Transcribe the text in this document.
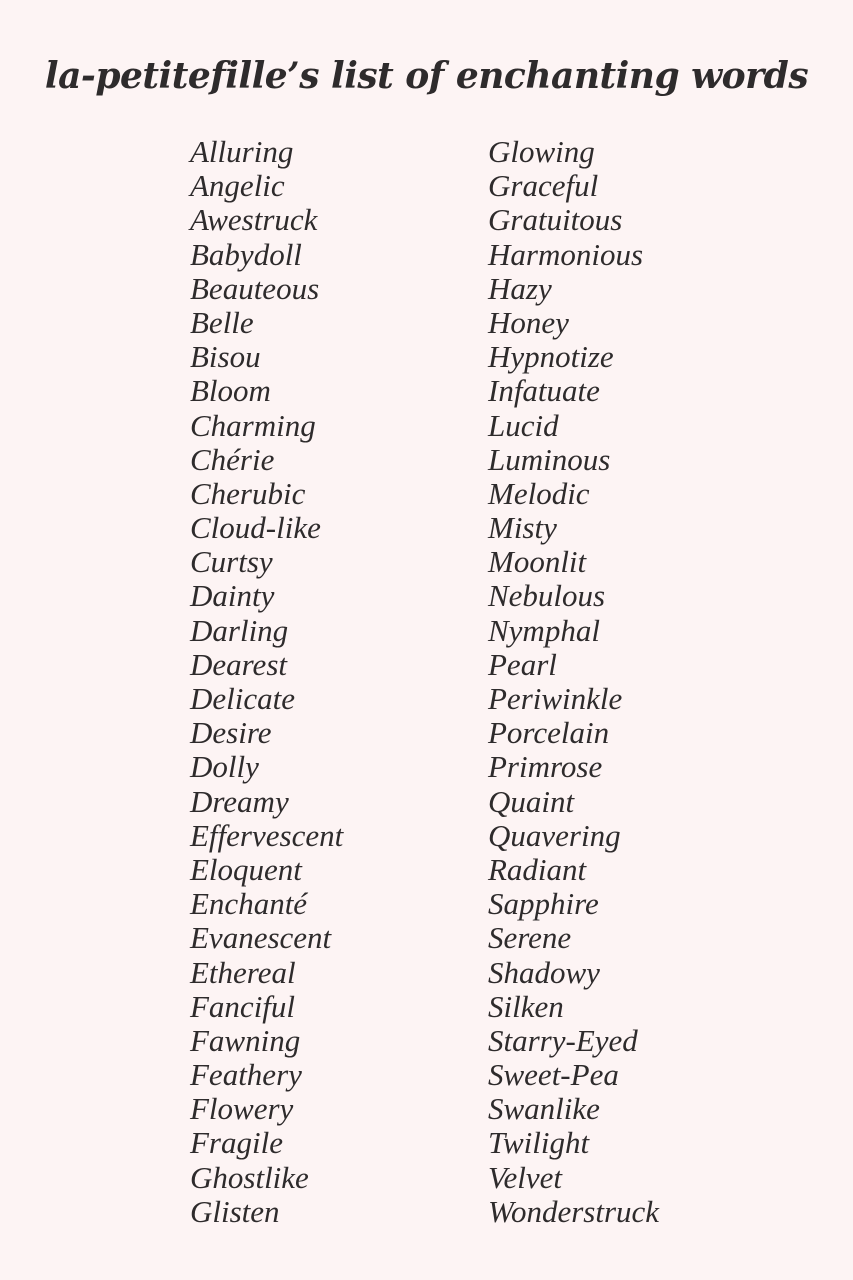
la-petitefille’s list of enchanting words
Alluring
Angelic
Awestruck
Babydoll
Beauteous
Belle
Bisou
Bloom
Charming
Chérie
Cherubic
Cloud-like
Curtsy
Dainty
Darling
Dearest
Delicate
Desire
Dolly
Dreamy
Effervescent
Eloquent
Enchanté
Evanescent
Ethereal
Fanciful
Fawning
Feathery
Flowery
Fragile
Ghostlike
Glisten
Glowing
Graceful
Gratuitous
Harmonious
Hazy
Honey
Hypnotize
Infatuate
Lucid
Luminous
Melodic
Misty
Moonlit
Nebulous
Nymphal
Pearl
Periwinkle
Porcelain
Primrose
Quaint
Quavering
Radiant
Sapphire
Serene
Shadowy
Silken
Starry-Eyed
Sweet-Pea
Swanlike
Twilight
Velvet
Wonderstruck
